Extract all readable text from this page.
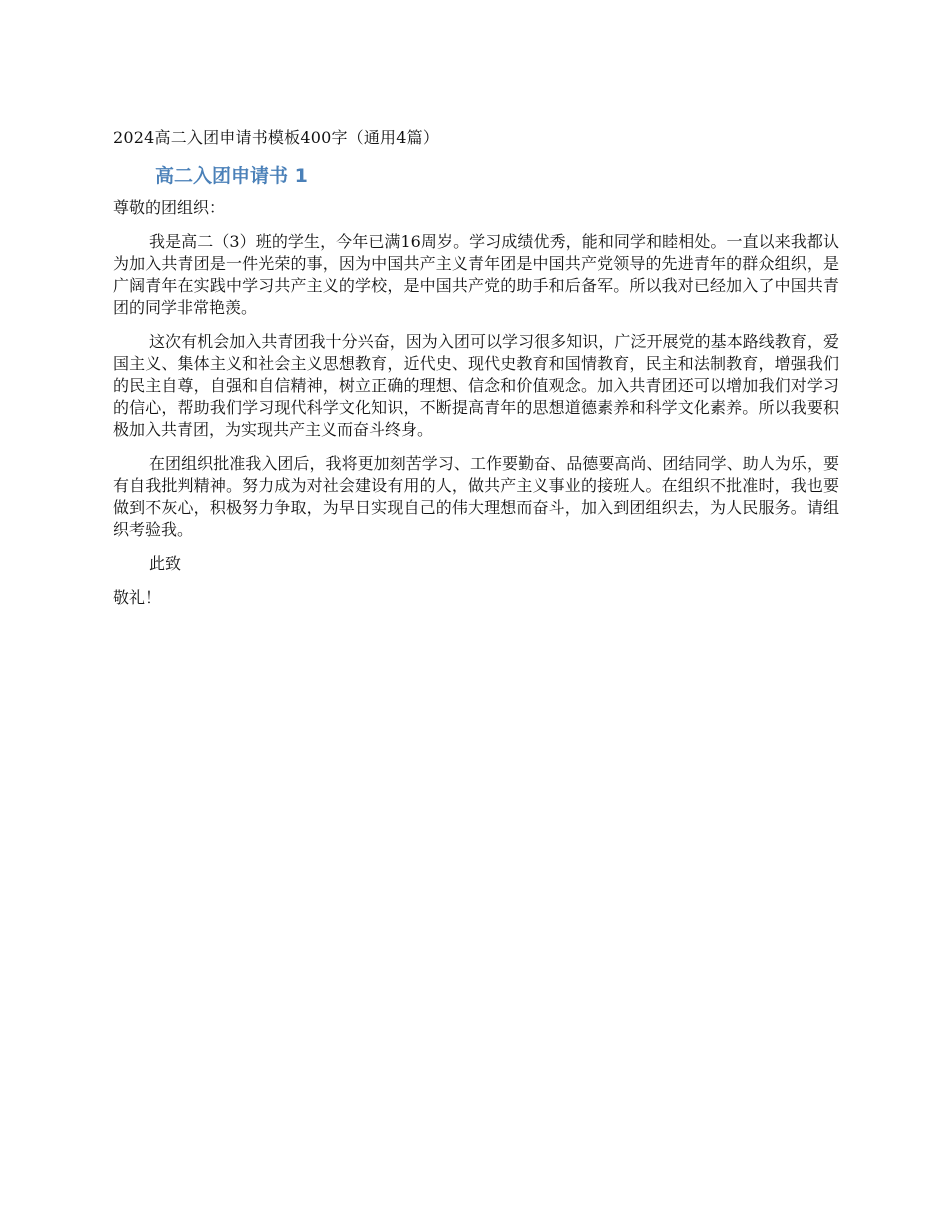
2024高二入团申请书模板400字（通用4篇）

高二入团申请书 1

尊敬的团组织：

我是高二（3）班的学生，今年已满16周岁。学习成绩优秀，能和同学和睦相处。一直以来我都认为加入共青团是一件光荣的事，因为中国共产主义青年团是中国共产党领导的先进青年的群众组织，是广阔青年在实践中学习共产主义的学校，是中国共产党的助手和后备军。所以我对已经加入了中国共青团的同学非常艳羡。

这次有机会加入共青团我十分兴奋，因为入团可以学习很多知识，广泛开展党的基本路线教育，爱国主义、集体主义和社会主义思想教育，近代史、现代史教育和国情教育，民主和法制教育，增强我们的民主自尊，自强和自信精神，树立正确的理想、信念和价值观念。加入共青团还可以增加我们对学习的信心，帮助我们学习现代科学文化知识，不断提高青年的思想道德素养和科学文化素养。所以我要积极加入共青团，为实现共产主义而奋斗终身。

在团组织批准我入团后，我将更加刻苦学习、工作要勤奋、品德要高尚、团结同学、助人为乐，要有自我批判精神。努力成为对社会建设有用的人，做共产主义事业的接班人。在组织不批准时，我也要做到不灰心，积极努力争取，为早日实现自己的伟大理想而奋斗，加入到团组织去，为人民服务。请组织考验我。

此致

敬礼！
